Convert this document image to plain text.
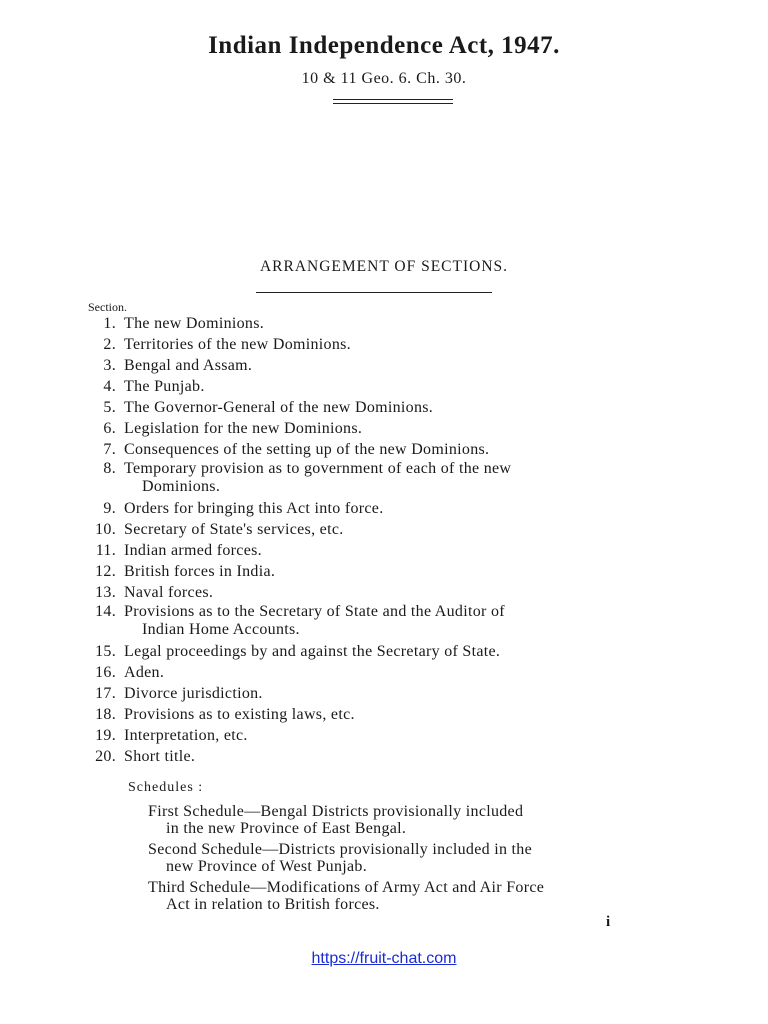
Indian Independence Act, 1947.
10 & 11 Geo. 6. Ch. 30.
ARRANGEMENT OF SECTIONS.
Section.
1. The new Dominions.
2. Territories of the new Dominions.
3. Bengal and Assam.
4. The Punjab.
5. The Governor-General of the new Dominions.
6. Legislation for the new Dominions.
7. Consequences of the setting up of the new Dominions.
8. Temporary provision as to government of each of the new
Dominions.
9. Orders for bringing this Act into force.
10. Secretary of State's services, etc.
11. Indian armed forces.
12. British forces in India.
13. Naval forces.
14. Provisions as to the Secretary of State and the Auditor of
Indian Home Accounts.
15. Legal proceedings by and against the Secretary of State.
16. Aden.
17. Divorce jurisdiction.
18. Provisions as to existing laws, etc.
19. Interpretation, etc.
20. Short title.
Schedules :
First Schedule—Bengal Districts provisionally included
in the new Province of East Bengal.
Second Schedule—Districts provisionally included in the
new Province of West Punjab.
Third Schedule—Modifications of Army Act and Air Force
Act in relation to British forces.
i
https://fruit-chat.com
